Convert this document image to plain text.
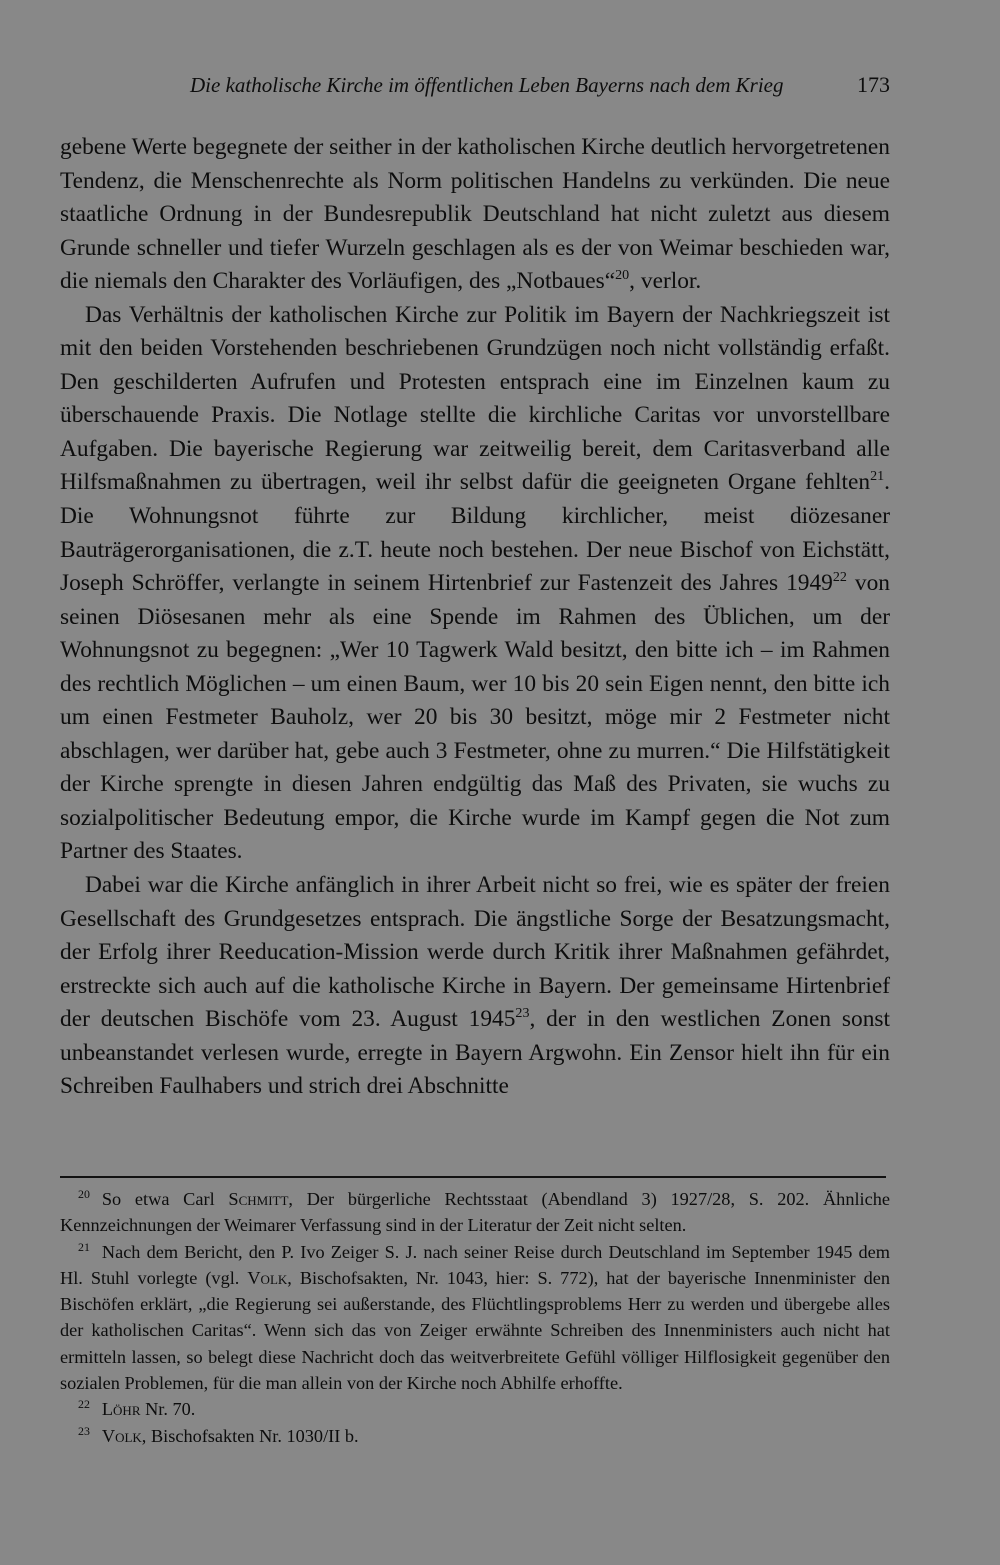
Die katholische Kirche im öffentlichen Leben Bayerns nach dem Krieg	173

gebene Werte begegnete der seither in der katholischen Kirche deutlich hervorgetretenen Tendenz, die Menschenrechte als Norm politischen Handelns zu verkünden. Die neue staatliche Ordnung in der Bundesrepublik Deutschland hat nicht zuletzt aus diesem Grunde schneller und tiefer Wurzeln geschlagen als es der von Weimar beschieden war, die niemals den Charakter des Vorläufigen, des „Notbaues“$^{20}$, verlor.

Das Verhältnis der katholischen Kirche zur Politik im Bayern der Nachkriegszeit ist mit den beiden Vorstehenden beschriebenen Grundzügen noch nicht vollständig erfaßt. Den geschilderten Aufrufen und Protesten entsprach eine im Einzelnen kaum zu überschauende Praxis. Die Notlage stellte die kirchliche Caritas vor unvorstellbare Aufgaben. Die bayerische Regierung war zeitweilig bereit, dem Caritasverband alle Hilfsmaßnahmen zu übertragen, weil ihr selbst dafür die geeigneten Organe fehlten$^{21}$. Die Wohnungsnot führte zur Bildung kirchlicher, meist diözesaner Bauträgerorganisationen, die z.T. heute noch bestehen. Der neue Bischof von Eichstätt, Joseph Schröffer, verlangte in seinem Hirtenbrief zur Fastenzeit des Jahres 1949$^{22}$ von seinen Diösesanen mehr als eine Spende im Rahmen des Üblichen, um der Wohnungsnot zu begegnen: „Wer 10 Tagwerk Wald besitzt, den bitte ich – im Rahmen des rechtlich Möglichen – um einen Baum, wer 10 bis 20 sein Eigen nennt, den bitte ich um einen Festmeter Bauholz, wer 20 bis 30 besitzt, möge mir 2 Festmeter nicht abschlagen, wer darüber hat, gebe auch 3 Festmeter, ohne zu murren.“ Die Hilfstätigkeit der Kirche sprengte in diesen Jahren endgültig das Maß des Privaten, sie wuchs zu sozialpolitischer Bedeutung empor, die Kirche wurde im Kampf gegen die Not zum Partner des Staates.

Dabei war die Kirche anfänglich in ihrer Arbeit nicht so frei, wie es später der freien Gesellschaft des Grundgesetzes entsprach. Die ängstliche Sorge der Besatzungsmacht, der Erfolg ihrer Reeducation-Mission werde durch Kritik ihrer Maßnahmen gefährdet, erstreckte sich auch auf die katholische Kirche in Bayern. Der gemeinsame Hirtenbrief der deutschen Bischöfe vom 23. August 1945$^{23}$, der in den westlichen Zonen sonst unbeanstandet verlesen wurde, erregte in Bayern Argwohn. Ein Zensor hielt ihn für ein Schreiben Faulhabers und strich drei Abschnitte

$^{20}$ So etwa Carl Schmitt, Der bürgerliche Rechtsstaat (Abendland 3) 1927/28, S. 202. Ähnliche Kennzeichnungen der Weimarer Verfassung sind in der Literatur der Zeit nicht selten.

$^{21}$ Nach dem Bericht, den P. Ivo Zeiger S. J. nach seiner Reise durch Deutschland im September 1945 dem Hl. Stuhl vorlegte (vgl. Volk, Bischofsakten, Nr. 1043, hier: S. 772), hat der bayerische Innenminister den Bischöfen erklärt, „die Regierung sei außerstande, des Flüchtlingsproblems Herr zu werden und übergebe alles der katholischen Caritas“. Wenn sich das von Zeiger erwähnte Schreiben des Innenministers auch nicht hat ermitteln lassen, so belegt diese Nachricht doch das weitverbreitete Gefühl völliger Hilflosigkeit gegenüber den sozialen Problemen, für die man allein von der Kirche noch Abhilfe erhoffte.

$^{22}$ Löhr Nr. 70.

$^{23}$ Volk, Bischofsakten Nr. 1030/II b.
